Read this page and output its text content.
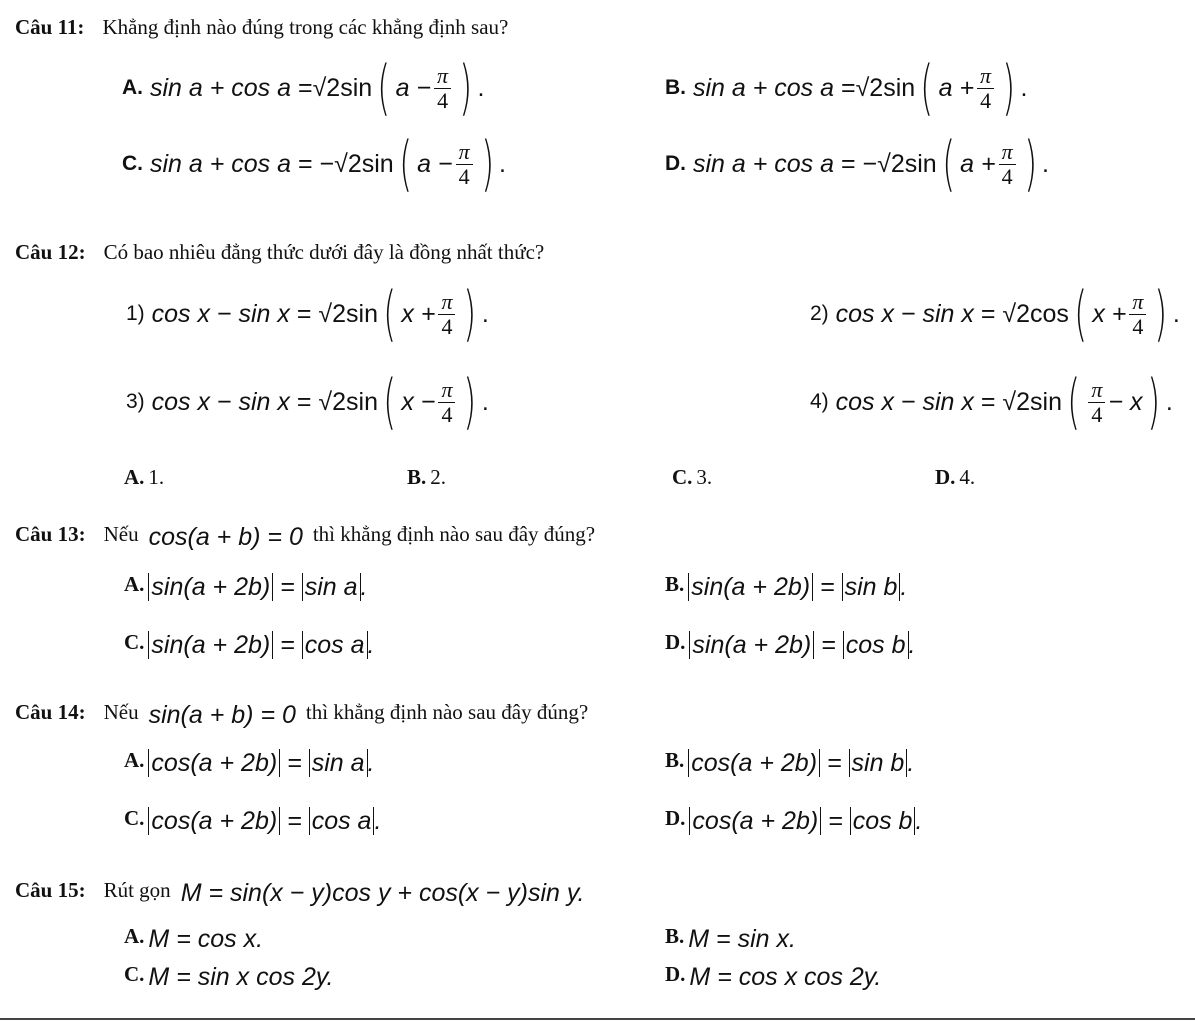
Câu 11: Khẳng định nào đúng trong các khẳng định sau?
A.
sin a + cos a
= √2 sin ( $a - \frac{\pi}{4}$ ) .	B.
sin a + cos a
= √2 sin ( $a + \frac{\pi}{4}$ ) .
C.
sin a + cos a
= − √2 sin ( $a - \frac{\pi}{4}$ ) .	D.
sin a + cos a
= − √2 sin ( $a + \frac{\pi}{4}$ ) .
Câu 12: Có bao nhiêu đẳng thức dưới đây là đồng nhất thức?
1)
cos x − sin x = √2 sin ( $x + \frac{\pi}{4}$ ) .	2)
cos x − sin x = √2 cos ( $x + \frac{\pi}{4}$ ) .
3)
cos x − sin x = √2 sin ( $x - \frac{\pi}{4}$ ) .	4)
cos x − sin x = √2 sin ( $\frac{\pi}{4} - x$ ) .
A. 1.	B. 2.	C. 3.	D. 4.
Câu 13: Nếu cos(a + b) = 0 thì khẳng định nào sau đây đúng?
A. sin(a + 2b) = sin a .	B. sin(a + 2b) = sin b .
C. sin(a + 2b) = cos a .	D. sin(a + 2b) = cos b .
Câu 14: Nếu sin(a + b) = 0 thì khẳng định nào sau đây đúng?
A. cos(a + 2b) = sin a .	B. cos(a + 2b) = sin b .
C. cos(a + 2b) = cos a .	D. cos(a + 2b) = cos b .
Câu 15: Rút gọn M = sin(x − y)cos y + cos(x − y)sin y.
A. M = cos x.	B. M = sin x.
C. M = sin x cos 2y.	D. M = cos x cos 2y.
